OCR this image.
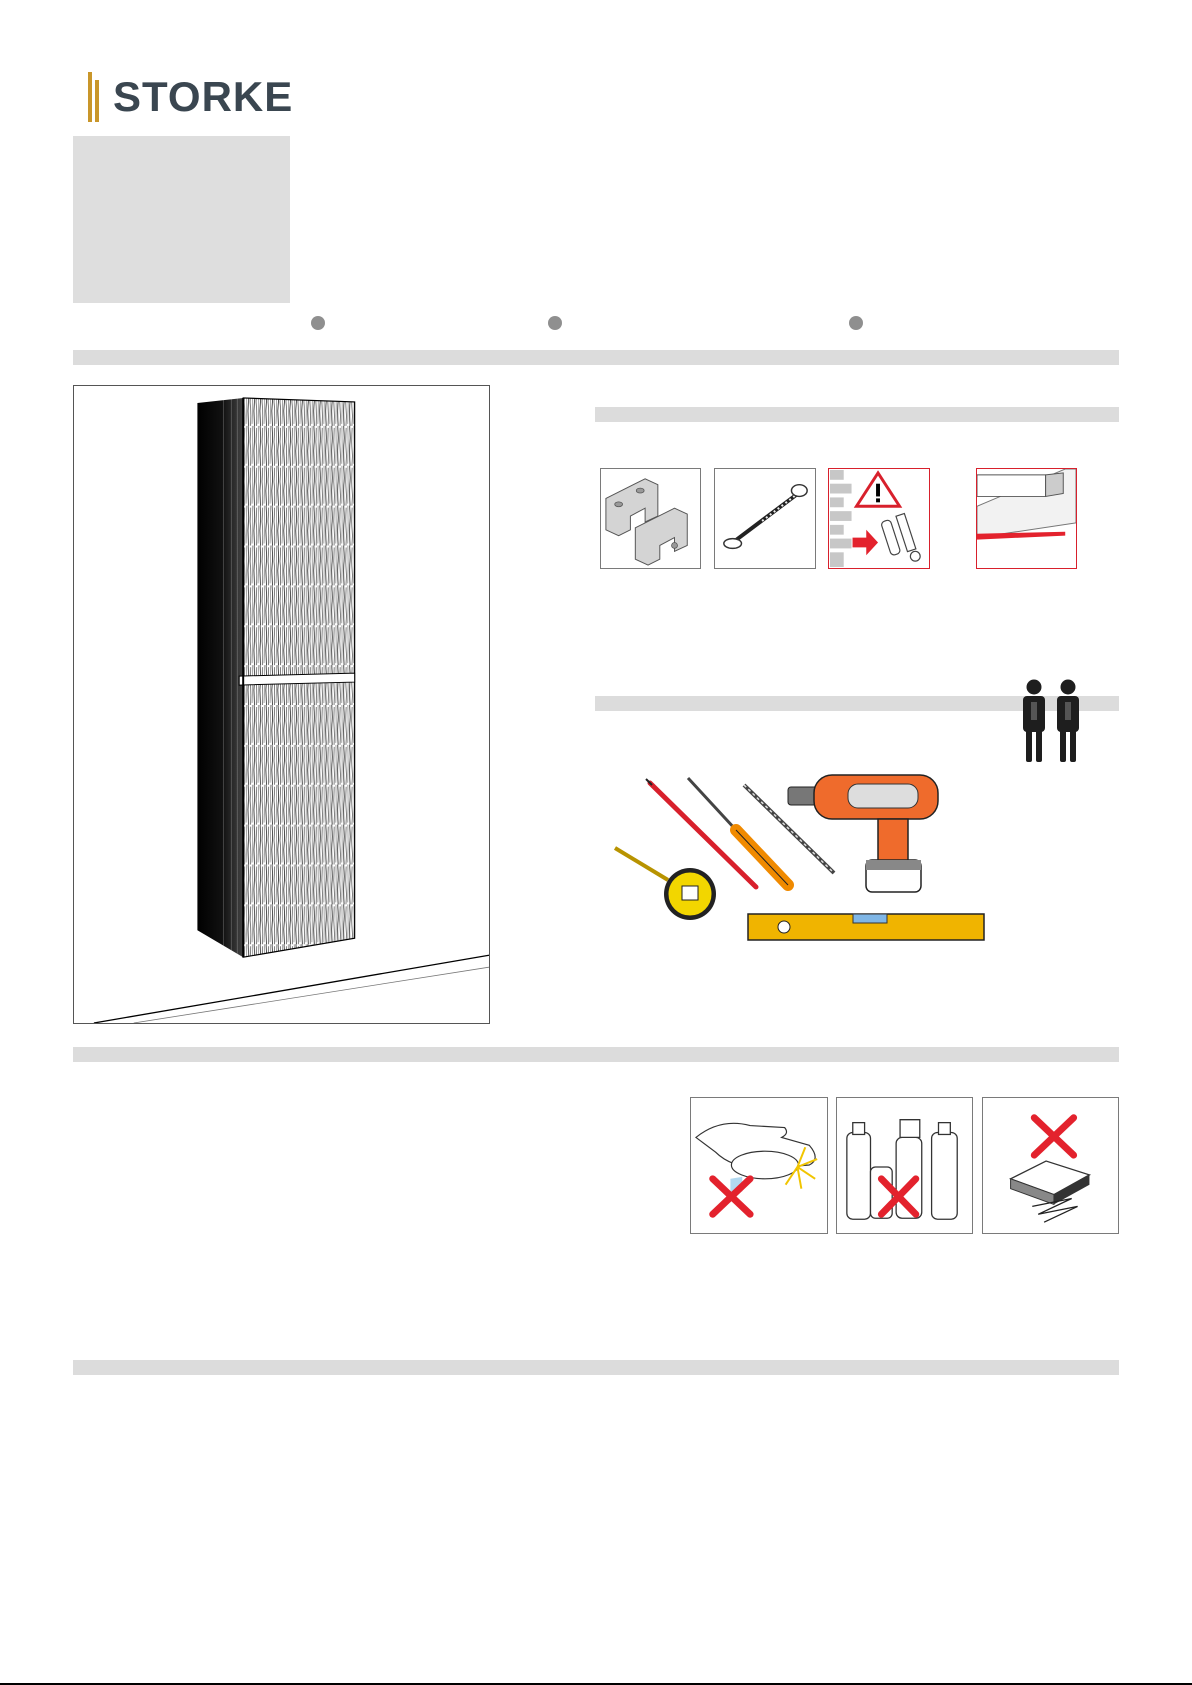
STORKE
